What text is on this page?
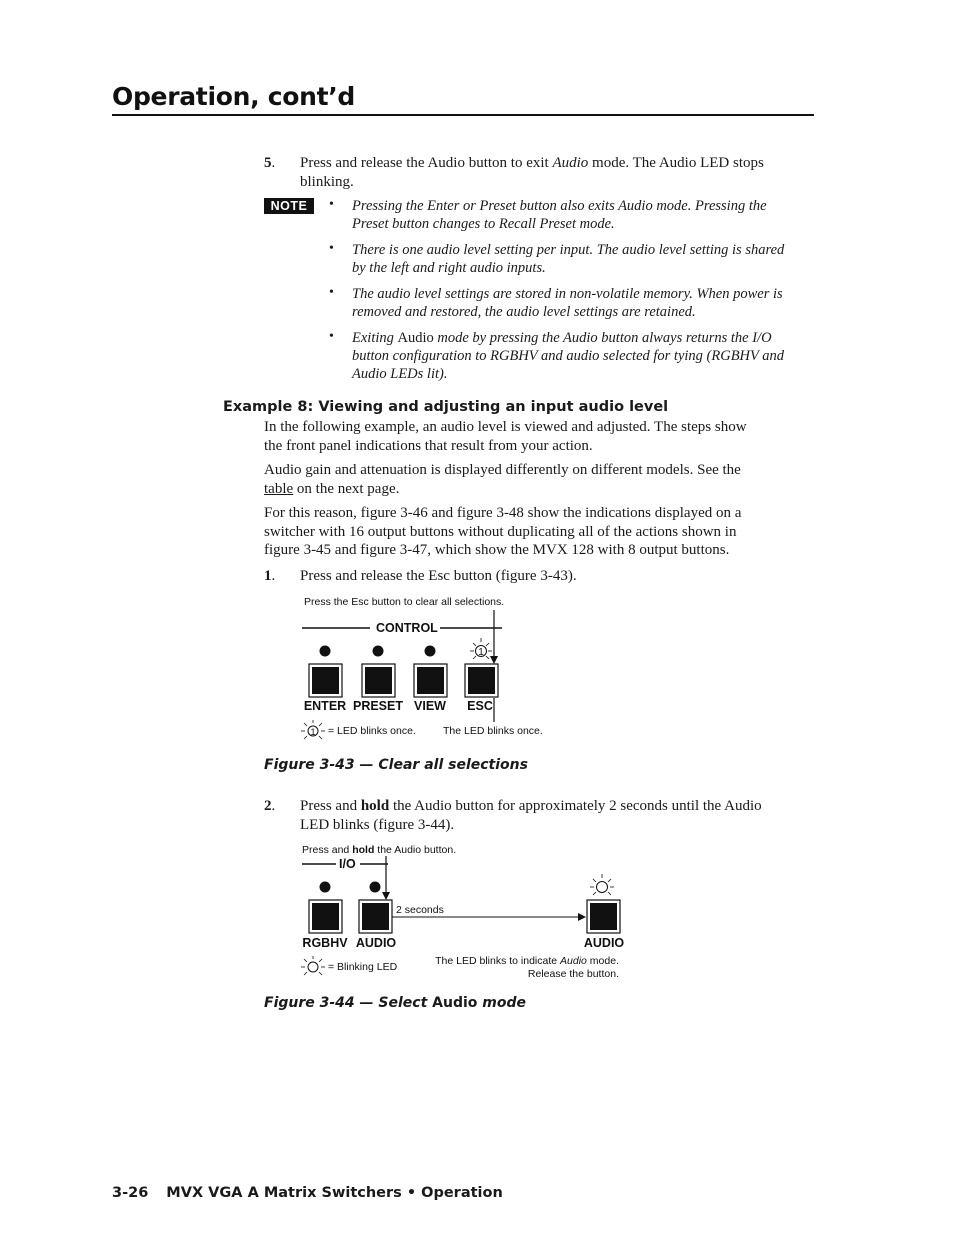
Operation, cont’d
5. Press and release the Audio button to exit Audio mode. The Audio LED stops
blinking.
NOTE	• Pressing the Enter or Preset button also exits Audio mode. Pressing the
Preset button changes to Recall Preset mode.
• There is one audio level setting per input. The audio level setting is shared
by the left and right audio inputs.
• The audio level settings are stored in non-volatile memory. When power is
removed and restored, the audio level settings are retained.
• Exiting Audio mode by pressing the Audio button always returns the I/O
button configuration to RGBHV and audio selected for tying (RGBHV and
Audio LEDs lit).
Example 8: Viewing and adjusting an input audio level
In the following example, an audio level is viewed and adjusted. The steps show
the front panel indications that result from your action.
Audio gain and attenuation is displayed differently on different models. See the
table on the next page.
For this reason, figure 3-46 and figure 3-48 show the indications displayed on a
switcher with 16 output buttons without duplicating all of the actions shown in
figure 3-45 and figure 3-47, which show the MVX 128 with 8 output buttons.
1. Press and release the Esc button (figure 3-43).
Press the Esc button to clear all selections.
CONTROL
1
ENTER PRESET VIEW ESC
1 = LED blinks once.	The LED blinks once.
Figure 3-43 — Clear all selections
2. Press and hold the Audio button for approximately 2 seconds until the Audio
LED blinks (figure 3-44).
Press and hold the Audio button.
I/O
2 seconds
RGBHV AUDIO	AUDIO
= Blinking LED	The LED blinks to indicate Audio mode.
Release the button.
Figure 3-44 — Select Audio mode
3-26 MVX VGA A Matrix Switchers • Operation
